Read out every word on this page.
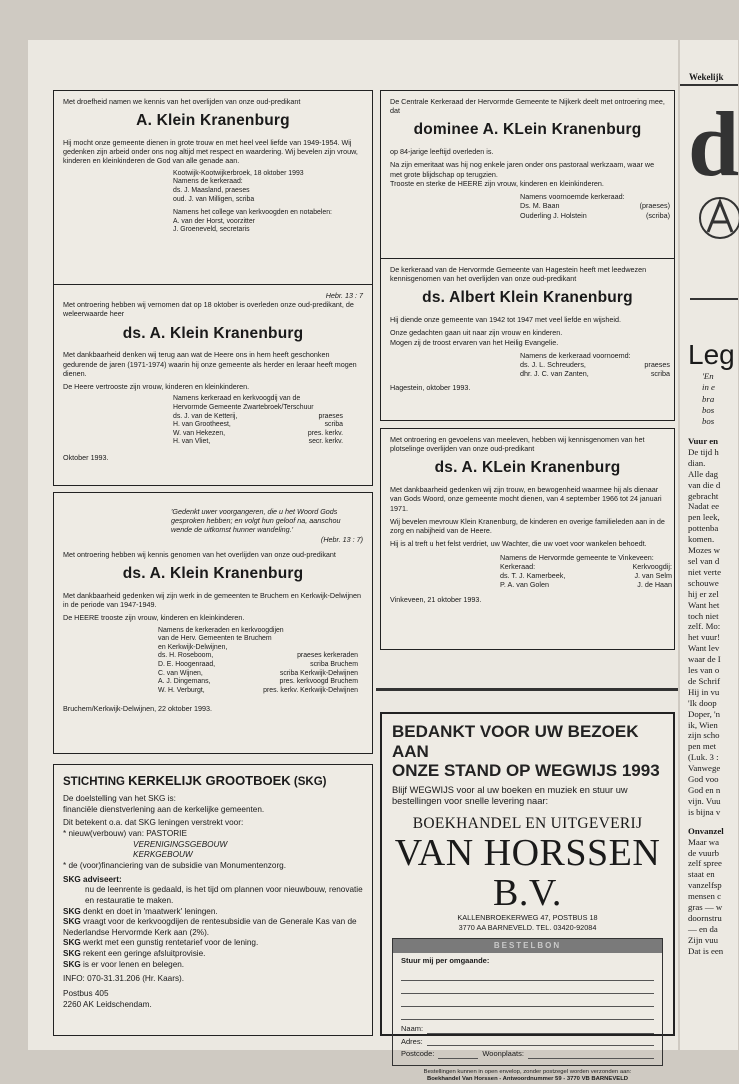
Met droefheid namen we kennis van het overlijden van onze oud-predikant

A. Klein Kranenburg

Hij mocht onze gemeente dienen in grote trouw en met heel veel liefde van 1949-1954. Wij gedenken zijn arbeid onder ons nog altijd met respect en waardering. Wij bevelen zijn vrouw, kinderen en kleinkinderen de God van alle genade aan.

Kootwijk-Kootwijkerbroek, 18 oktober 1993
Namens de kerkeraad:
ds. J. Maasland, praeses
oud. J. van Milligen, scriba
Namens het college van kerkvoogden en notabelen:
A. van der Horst, voorzitter
J. Groeneveld, secretaris
Hebr. 13 : 7

Met ontroering hebben wij vernomen dat op 18 oktober is overleden onze oud-predikant, de weleerwaarde heer

ds. A. Klein Kranenburg

Met dankbaarheid denken wij terug aan wat de Heere ons in hem heeft geschonken gedurende de jaren (1971-1974) waarin hij onze gemeente als herder en leraar heeft mogen dienen.

De Heere vertrooste zijn vrouw, kinderen en kleinkinderen.

Namens kerkeraad en kerkvoogdij van de
Hervormde Gemeente Zwartebroek/Terschuur
ds. J. van de Ketterij,	praeses
H. van Grootheest,	scriba
W. van Hekezen,	pres. kerkv.
H. van Vliet,	secr. kerkv.
Oktober 1993.
'Gedenkt uwer voorgangeren, die u het Woord Gods gesproken hebben; en volgt hun geloof na, aanschou wende de uitkomst hunner wandeling.'
(Hebr. 13 : 7)

Met ontroering hebben wij kennis genomen van het overlijden van onze oud-predikant

ds. A. Klein Kranenburg

Met dankbaarheid gedenken wij zijn werk in de gemeenten te Bruchem en Kerkwijk-Delwijnen in de periode van 1947-1949.

De HEERE trooste zijn vrouw, kinderen en kleinkinderen.

Namens de kerkeraden en kerkvoogdijen
van de Herv. Gemeenten te Bruchem
en Kerkwijk-Delwijnen,
ds. H. Roseboom,	praeses kerkeraden
D. E. Hoogenraad,	scriba Bruchem
C. van Wijnen,	scriba Kerkwijk-Delwijnen
A. J. Dingemans,	pres. kerkvoogd Bruchem
W. H. Verburgt,	pres. kerkv. Kerkwijk-Delwijnen
Bruchem/Kerkwijk-Delwijnen, 22 oktober 1993.
STICHTING KERKELIJK GROOTBOEK (SKG)
De doelstelling van het SKG is:
financiële dienstverlening aan de kerkelijke gemeenten.
Dit betekent o.a. dat SKG leningen verstrekt voor:
* nieuw(verbouw) van: PASTORIE
VERENIGINGSGEBOUW
KERKGEBOUW
* de (voor)financiering van de subsidie van Monumentenzorg.
SKG adviseert:
nu de leenrente is gedaald, is het tijd om plannen voor nieuwbouw, renovatie en restauratie te maken.
SKG denkt en doet in 'maatwerk' leningen.
SKG vraagt voor de kerkvoogdijen de rentesubsidie van de Generale Kas van de Nederlandse Hervormde Kerk aan (2%).
SKG werkt met een gunstig rentetarief voor de lening.
SKG rekent een geringe afsluitprovisie.
SKG is er voor lenen en belegen.
INFO: 070-31.31.206 (Hr. Kaars).
Postbus 405
2260 AK Leidschendam.

De Centrale Kerkeraad der Hervormde Gemeente te Nijkerk deelt met ontroering mee, dat

dominee A. KLein Kranenburg

op 84-jarige leeftijd overleden is.

Na zijn emeritaat was hij nog enkele jaren onder ons pastoraal werkzaam, waar we met grote blijdschap op terugzien.

Trooste en sterke de HEERE zijn vrouw, kinderen en kleinkinderen.

Namens voornoemde kerkeraad:
Ds. M. Baan	(praeses)
Ouderling J. Holstein	(scriba)

De kerkeraad van de Hervormde Gemeente van Hagestein heeft met leedwezen kennisgenomen van het overlijden van onze oud-predikant

ds. Albert Klein Kranenburg

Hij diende onze gemeente van 1942 tot 1947 met veel liefde en wijsheid.

Onze gedachten gaan uit naar zijn vrouw en kinderen.

Mogen zij de troost ervaren van het Heilig Evangelie.

Namens de kerkeraad voornoemd:
ds. J. L. Schreuders,	praeses
dhr. J. C. van Zanten,	scriba
Hagestein, oktober 1993.

Met ontroering en gevoelens van meeleven, hebben wij kennisgenomen van het plotselinge overlijden van onze oud-predikant

ds. A. KLein Kranenburg

Met dankbaarheid gedenken wij zijn trouw, en bewogenheid waarmee hij als dienaar van Gods Woord, onze gemeente mocht dienen, van 4 september 1966 tot 24 januari 1971.

Wij bevelen mevrouw Klein Kranenburg, de kinderen en overige familieleden aan in de zorg en nabijheid van de Heere.

Hij is al treft u het felst verdriet, uw Wachter, die uw voet voor wankelen behoedt.

Namens de Hervormde gemeente te Vinkeveen:
Kerkeraad:	Kerkvoogdij:
ds. T. J. Kamerbeek,	J. van Selm
P. A. van Golen	J. de Haan
Vinkeveen, 21 oktober 1993.
BEDANKT VOOR UW BEZOEK AAN
ONZE STAND OP WEGWIJS 1993
Blijf WEGWIJS voor al uw boeken en muziek en stuur uw bestellingen voor snelle levering naar:
BOEKHANDEL EN UITGEVERIJ
VAN HORSSEN B.V.
KALLENBROEKERWEG 47, POSTBUS 18
3770 AA BARNEVELD. TEL. 03420-92084
BESTELBON
Stuur mij per omgaande:
Naam:
Adres:
Postcode:	Woonplaats:
Bestellingen kunnen in open envelop, zonder postzegel worden verzonden aan:
Boekhandel Van Horssen - Antwoordnummer 59 - 3770 VB BARNEVELD
Wekelijk
d
Leg
'En
in e
bra
bos
bos
Vuur en
De tijd h
dian.
Alle dag
van die d
gebracht
Nadat ee
pen leek,
pottenba
komen.
Mozes w
sel van d
niet verte
schouwe
hij er zel
Want het
toch niet
zelf. Mo:
het vuur!
Want lev
waar de I
les van o
de Schrif
Hij in vu
'Ik doop
Doper, 'n
ik, Wien
zijn scho
pen met
(Luk. 3 :
Vanwege
God voo
God en n
vijn. Vuu
is bijna v
Onvanzel
Maar wa
de vuurb
zelf spree
staat en
vanzelfsp
mensen c
gras — w
doornstru
— en da
Zijn vuu
Dat is een
